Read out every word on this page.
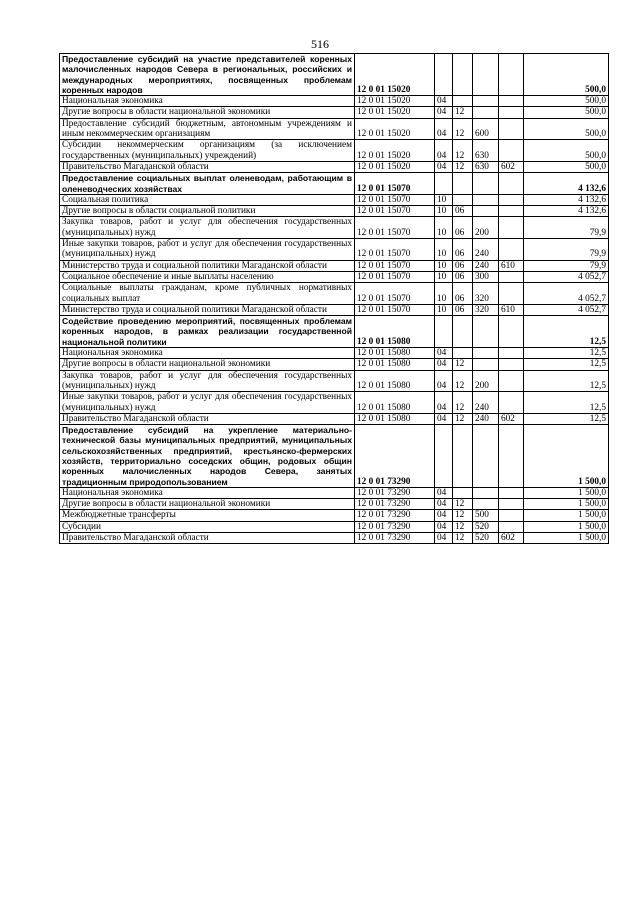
516
Предоставление субсидий на участие представителей коренных малочисленных народов Севера в региональных, российских и международных мероприятиях, посвященных проблемам коренных народов	12 0 01 15020					500,0
Национальная экономика	12 0 01 15020	04				500,0
Другие вопросы в области национальной экономики	12 0 01 15020	04	12			500,0
Предоставление субсидий бюджетным, автономным учреждениям и иным некоммерческим организациям	12 0 01 15020	04	12	600		500,0
Субсидии некоммерческим организациям (за исключением государственных (муниципальных) учреждений)	12 0 01 15020	04	12	630		500,0
Правительство Магаданской области	12 0 01 15020	04	12	630	602	500,0
Предоставление социальных выплат оленеводам, работающим в оленеводческих хозяйствах	12 0 01 15070					4 132,6
Социальная политика	12 0 01 15070	10				4 132,6
Другие вопросы в области социальной политики	12 0 01 15070	10	06			4 132,6
Закупка товаров, работ и услуг для обеспечения государственных (муниципальных) нужд	12 0 01 15070	10	06	200		79,9
Иные закупки товаров, работ и услуг для обеспечения государственных (муниципальных) нужд	12 0 01 15070	10	06	240		79,9
Министерство труда и социальной политики Магаданской области	12 0 01 15070	10	06	240	610	79,9
Социальное обеспечение и иные выплаты населению	12 0 01 15070	10	06	300		4 052,7
Социальные выплаты гражданам, кроме публичных нормативных социальных выплат	12 0 01 15070	10	06	320		4 052,7
Министерство труда и социальной политики Магаданской области	12 0 01 15070	10	06	320	610	4 052,7
Содействие проведению мероприятий, посвященных проблемам коренных народов, в рамках реализации государственной национальной политики	12 0 01 15080					12,5
Национальная экономика	12 0 01 15080	04				12,5
Другие вопросы в области национальной экономики	12 0 01 15080	04	12			12,5
Закупка товаров, работ и услуг для обеспечения государственных (муниципальных) нужд	12 0 01 15080	04	12	200		12,5
Иные закупки товаров, работ и услуг для обеспечения государственных (муниципальных) нужд	12 0 01 15080	04	12	240		12,5
Правительство Магаданской области	12 0 01 15080	04	12	240	602	12,5
Предоставление субсидий на укрепление материально-технической базы муниципальных предприятий, муниципальных сельскохозяйственных предприятий, крестьянско-фермерских хозяйств, территориально соседских общин, родовых общин коренных малочисленных народов Севера, занятых традиционным природопользованием	12 0 01 73290					1 500,0
Национальная экономика	12 0 01 73290	04				1 500,0
Другие вопросы в области национальной экономики	12 0 01 73290	04	12			1 500,0
Межбюджетные трансферты	12 0 01 73290	04	12	500		1 500,0
Субсидии	12 0 01 73290	04	12	520		1 500,0
Правительство Магаданской области	12 0 01 73290	04	12	520	602	1 500,0
